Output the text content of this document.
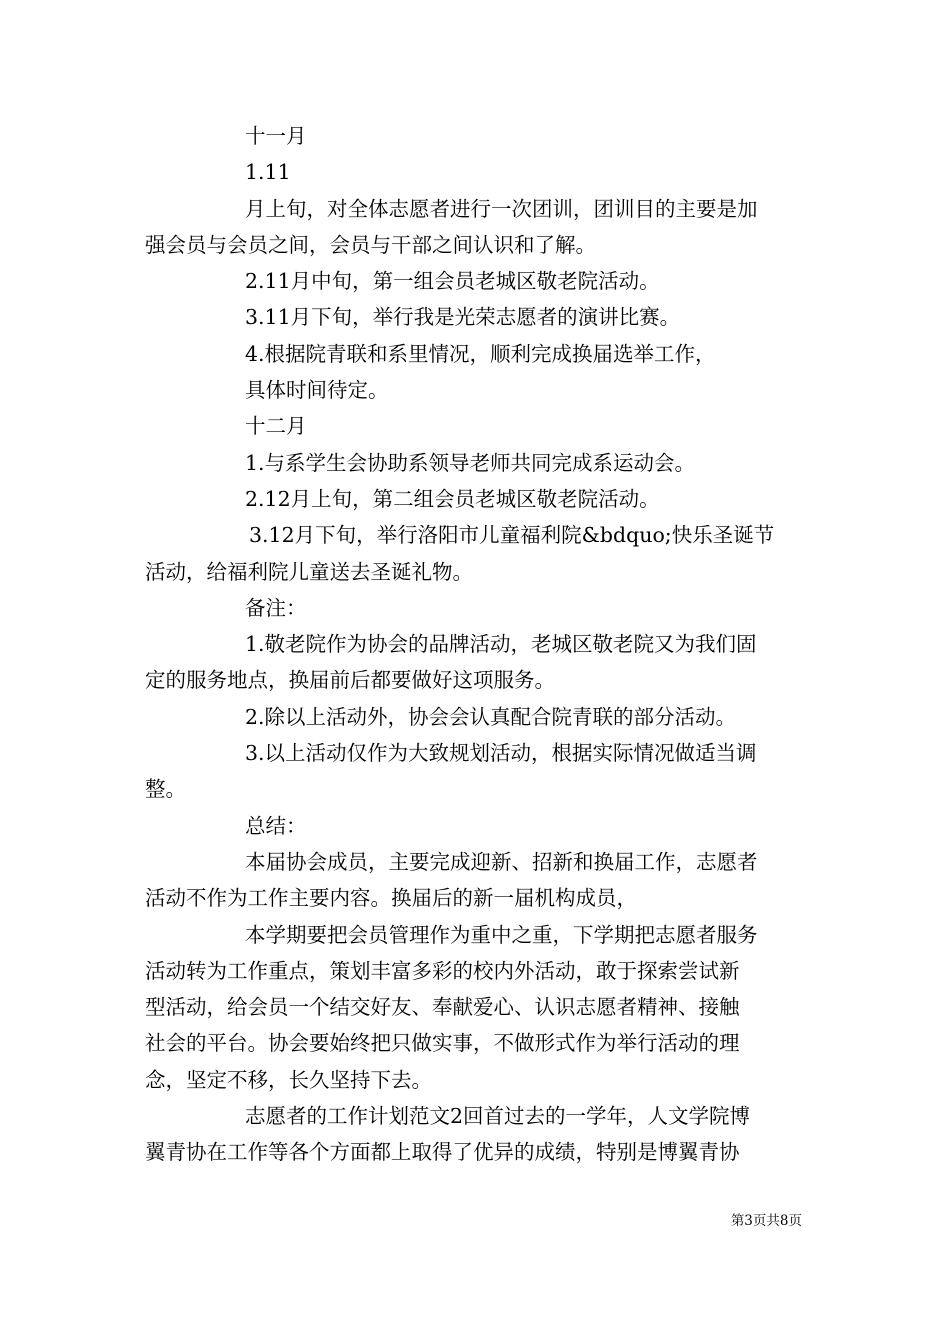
十一月

1.11

月上旬，对全体志愿者进行一次团训，团训目的主要是加

强会员与会员之间，会员与干部之间认识和了解。

2.11月中旬，第一组会员老城区敬老院活动。

3.11月下旬，举行我是光荣志愿者的演讲比赛。

4.根据院青联和系里情况，顺利完成换届选举工作，

具体时间待定。

十二月

1.与系学生会协助系领导老师共同完成系运动会。

2.12月上旬，第二组会员老城区敬老院活动。

3.12月下旬，举行洛阳市儿童福利院&bdquo;快乐圣诞节

活动，给福利院儿童送去圣诞礼物。

备注：

1.敬老院作为协会的品牌活动，老城区敬老院又为我们固

定的服务地点，换届前后都要做好这项服务。

2.除以上活动外，协会会认真配合院青联的部分活动。

3.以上活动仅作为大致规划活动，根据实际情况做适当调

整。

总结：

本届协会成员，主要完成迎新、招新和换届工作，志愿者

活动不作为工作主要内容。换届后的新一届机构成员，

本学期要把会员管理作为重中之重，下学期把志愿者服务

活动转为工作重点，策划丰富多彩的校内外活动，敢于探索尝试新

型活动，给会员一个结交好友、奉献爱心、认识志愿者精神、接触

社会的平台。协会要始终把只做实事，不做形式作为举行活动的理

念，坚定不移，长久坚持下去。

志愿者的工作计划范文2回首过去的一学年，人文学院博

翼青协在工作等各个方面都上取得了优异的成绩，特别是博翼青协

第3页共8页
